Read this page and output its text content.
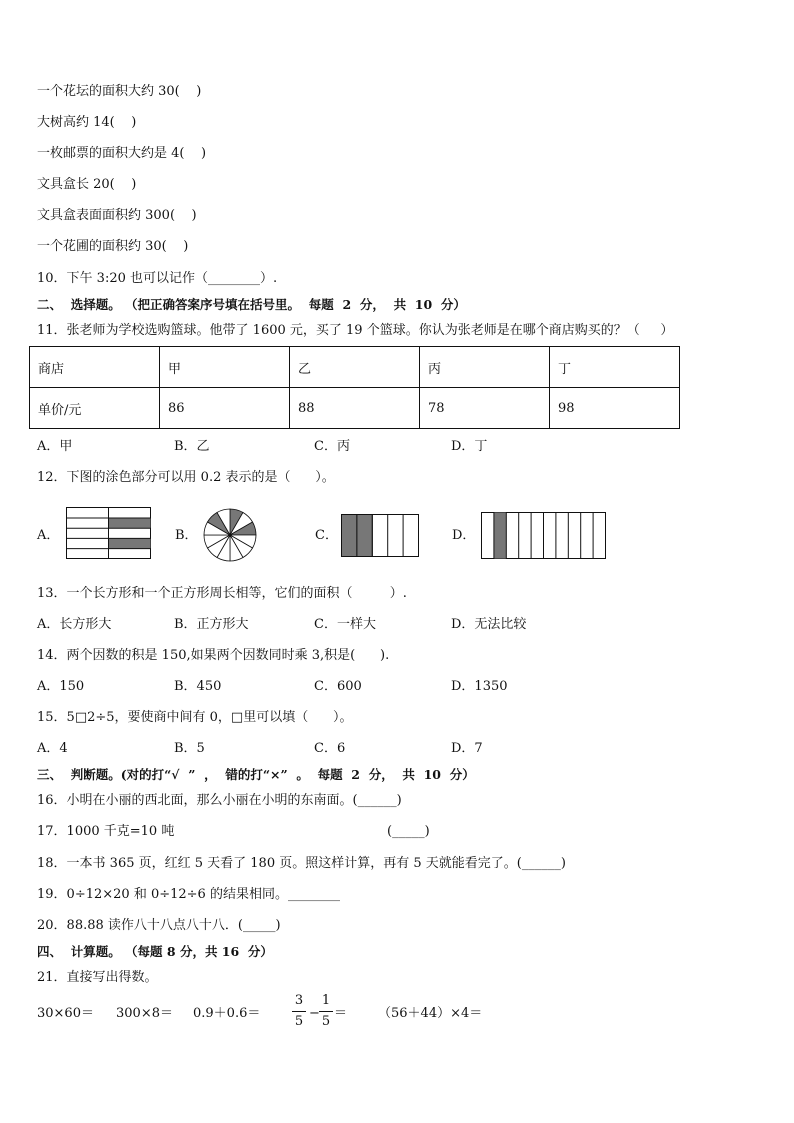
一个花坛的面积大约 30(    )
大树高约 14(    )
一枚邮票的面积大约是 4(    )
文具盒长 20(    )
文具盒表面面积约 300(    )
一个花圃的面积约 30(    )
10．下午 3:20 也可以记作（________）.
二、  选择题。 （把正确答案序号填在括号里。  每题  2  分，  共  10  分）
11．张老师为学校选购篮球。他带了 1600 元，买了 19 个篮球。你认为张老师是在哪个商店购买的？（     ）
商店	甲	乙	丙	丁
单价/元	86	88	78	98
A．甲	B．乙	C．丙	D．丁
12．下图的涂色部分可以用 0.2 表示的是（      ）。
A．	B．	C．	D．
13．一个长方形和一个正方形周长相等，它们的面积（         ）.
A．长方形大	B．正方形大	C．一样大	D．无法比较
14．两个因数的积是 150,如果两个因数同时乘 3,积是(      ).
A．150	B．450	C．600	D．1350
15．5□2÷5，要使商中间有 0，□里可以填（      ）。
A．4	B．5	C．6	D．7
三、  判断题。(对的打“√  ”  ，  错的打“×”  。  每题  2  分，  共  10  分）
16．小明在小丽的西北面，那么小丽在小明的东南面。(______)
17．1000 千克=10 吨	(_____)
18．一本书 365 页，红红 5 天看了 180 页。照这样计算，再有 5 天就能看完了。(______)
19．0÷12×20 和 0÷12÷6 的结果相同。________
20．88.88 读作八十八点八十八．(_____)
四、  计算题。 （每题 8 分，共 16  分）
21．直接写出得数。
30×60＝ 300×8＝ 0.9＋0.6＝
3
5
−
1
5
＝ （56＋44）×4＝
